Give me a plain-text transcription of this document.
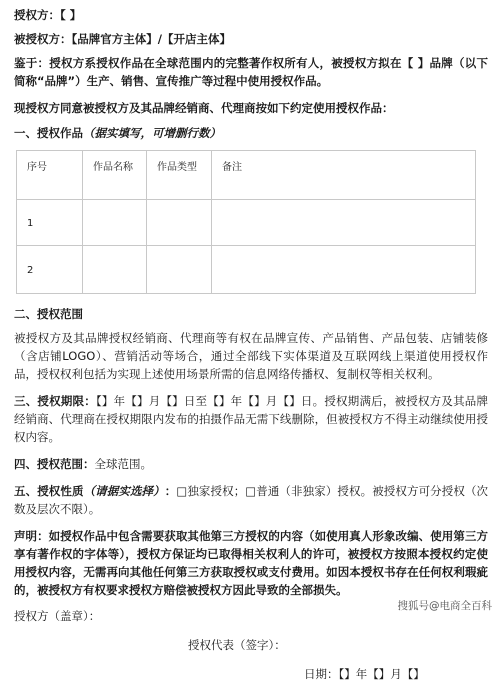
授权方：【 】

被授权方：【品牌官方主体】/【开店主体】

鉴于：授权方系授权作品在全球范围内的完整著作权所有人，被授权方拟在【 】品牌（以下简称“品牌”）生产、销售、宣传推广等过程中使用授权作品。

现授权方同意被授权方及其品牌经销商、代理商按如下约定使用授权作品：

一、授权作品（据实填写，可增删行数）

序号	作品名称	作品类型	备注
1			
2			

二、授权范围

被授权方及其品牌授权经销商、代理商等有权在品牌宣传、产品销售、产品包装、店铺装修（含店铺LOGO）、营销活动等场合，通过全部线下实体渠道及互联网线上渠道使用授权作品，授权权利包括为实现上述使用场景所需的信息网络传播权、复制权等相关权利。

三、授权期限：【】年【】月【】日至【】年【】月【】日。授权期满后，被授权方及其品牌经销商、代理商在授权期限内发布的拍摄作品无需下线删除，但被授权方不得主动继续使用授权内容。

四、授权范围：全球范围。

五、授权性质（请据实选择）：□独家授权；□普通（非独家）授权。被授权方可分授权（次数及层次不限）。

声明：如授权作品中包含需要获取其他第三方授权的内容（如使用真人形象改编、使用第三方享有著作权的字体等），授权方保证均已取得相关权利人的许可，被授权方按照本授权约定使用授权内容，无需再向其他任何第三方获取授权或支付费用。如因本授权书存在任何权利瑕疵的，被授权方有权要求授权方赔偿被授权方因此导致的全部损失。

授权方（盖章）：

授权代表（签字）：

日期：【】年【】月【】

搜狐号@电商全百科
